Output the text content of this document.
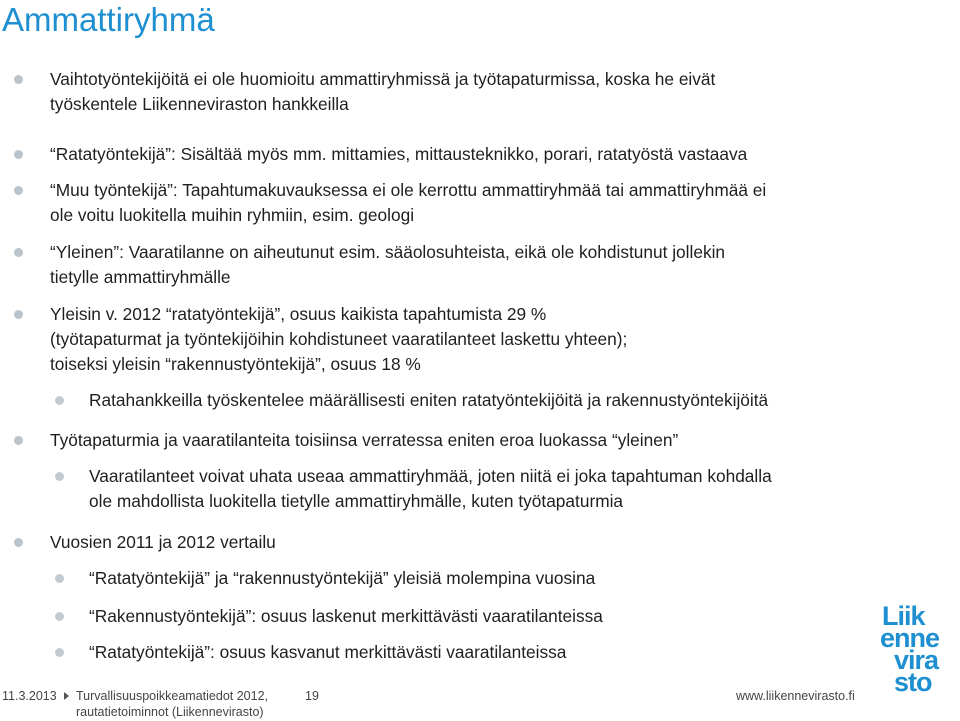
Ammattiryhmä
Vaihtotyöntekijöitä ei ole huomioitu ammattiryhmissä ja työtapaturmissa, koska he eivät
työskentele Liikenneviraston hankkeilla
“Ratatyöntekijä”: Sisältää myös mm. mittamies, mittausteknikko, porari, ratatyöstä vastaava
“Muu työntekijä”: Tapahtumakuvauksessa ei ole kerrottu ammattiryhmää tai ammattiryhmää ei
ole voitu luokitella muihin ryhmiin, esim. geologi
“Yleinen”: Vaaratilanne on aiheutunut esim. sääolosuhteista, eikä ole kohdistunut jollekin
tietylle ammattiryhmälle
Yleisin v. 2012 “ratatyöntekijä”, osuus kaikista tapahtumista 29 %
(työtapaturmat ja työntekijöihin kohdistuneet vaaratilanteet laskettu yhteen);
toiseksi yleisin “rakennustyöntekijä”, osuus 18 %
Ratahankkeilla työskentelee määrällisesti eniten ratatyöntekijöitä ja rakennustyöntekijöitä
Työtapaturmia ja vaaratilanteita toisiinsa verratessa eniten eroa luokassa “yleinen”
Vaaratilanteet voivat uhata useaa ammattiryhmää, joten niitä ei joka tapahtuman kohdalla
ole mahdollista luokitella tietylle ammattiryhmälle, kuten työtapaturmia
Vuosien 2011 ja 2012 vertailu
“Ratatyöntekijä” ja “rakennustyöntekijä” yleisiä molempina vuosina
“Rakennustyöntekijä”: osuus laskenut merkittävästi vaaratilanteissa
“Ratatyöntekijä”: osuus kasvanut merkittävästi vaaratilanteissa
11.3.2013 Turvallisuuspoikkeamatiedot 2012,
rautatietoiminnot (Liikennevirasto)
19	www.liikennevirasto.fi
Liik
enne
vira
sto
